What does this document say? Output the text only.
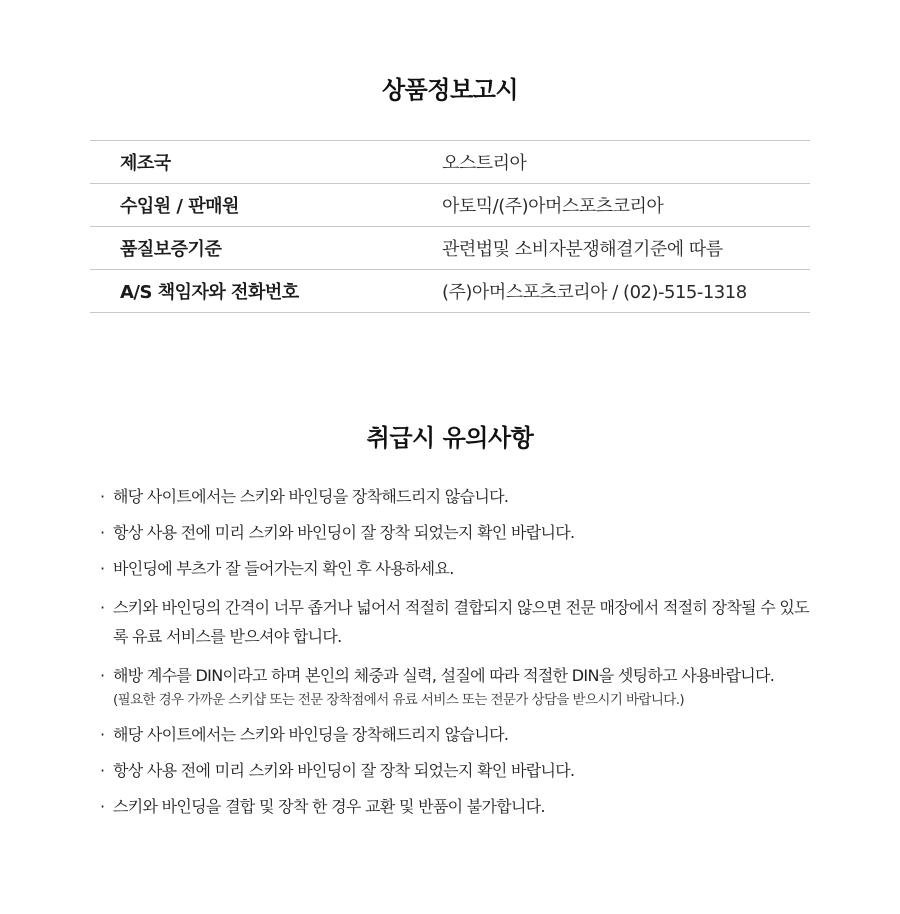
상품정보고시
제조국	오스트리아
수입원 / 판매원	아토믹/(주)아머스포츠코리아
품질보증기준	관련법및 소비자분쟁해결기준에 따름
A/S 책임자와 전화번호	(주)아머스포츠코리아 / (02)-515-1318
취급시 유의사항
· 해당 사이트에서는 스키와 바인딩을 장착해드리지 않습니다.
· 항상 사용 전에 미리 스키와 바인딩이 잘 장착 되었는지 확인 바랍니다.
· 바인딩에 부츠가 잘 들어가는지 확인 후 사용하세요.
· 스키와 바인딩의 간격이 너무 좁거나 넓어서 적절히 결합되지 않으면 전문 매장에서 적절히 장착될 수 있도록 유료 서비스를 받으셔야 합니다.
· 해방 계수를 DIN이라고 하며 본인의 체중과 실력, 설질에 따라 적절한 DIN을 셋팅하고 사용바랍니다.
(필요한 경우 가까운 스키샵 또는 전문 장착점에서 유료 서비스 또는 전문가 상담을 받으시기 바랍니다.)
· 해당 사이트에서는 스키와 바인딩을 장착해드리지 않습니다.
· 항상 사용 전에 미리 스키와 바인딩이 잘 장착 되었는지 확인 바랍니다.
· 스키와 바인딩을 결합 및 장착 한 경우 교환 및 반품이 불가합니다.
